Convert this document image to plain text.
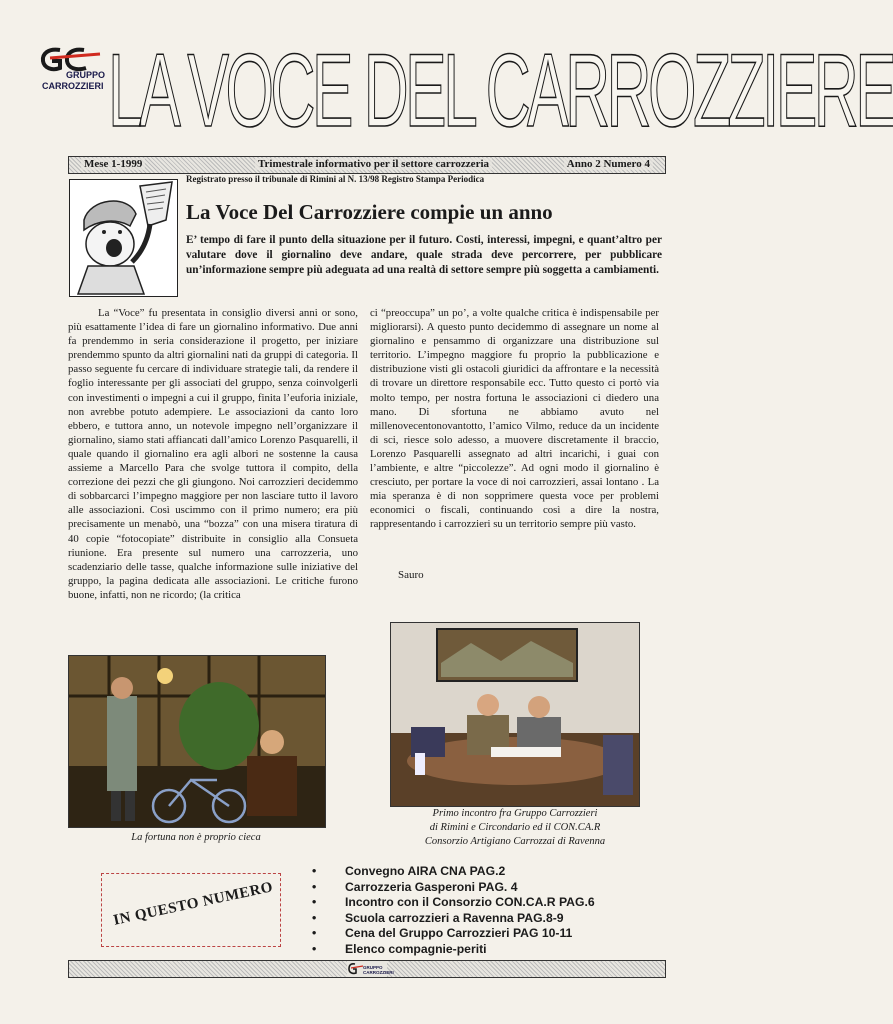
GRUPPO
CARROZZIERI LA VOCE DEL CARROZZIERE
Mese 1-1999	Trimestrale informativo per il settore carrozzeria	Anno 2 Numero 4
Registrato presso il tribunale di Rimini al N. 13/98 Registro Stampa Periodica
La Voce Del Carrozziere compie un anno

E’ tempo di fare il punto della situazione per il futuro. Costi, interessi, impegni, e quant’altro per valutare dove il giornalino deve andare, quale strada deve percorrere, per pubblicare un’informazione sempre più adeguata ad una realtà di settore sempre più soggetta a cambiamenti.

La “Voce” fu presentata in consiglio diversi anni or sono, più esattamente l’idea di fare un giornalino informativo. Due anni fa prendemmo in seria considerazione il progetto, per iniziare prendemmo spunto da altri giornalini nati da gruppi di categoria. Il passo seguente fu cercare di individuare strategie tali, da rendere il foglio interessante per gli associati del gruppo, senza coinvolgerli con investimenti o impegni a cui il gruppo, finita l’euforia iniziale, non avrebbe potuto adempiere. Le associazioni da canto loro ebbero, e tuttora anno, un notevole impegno nell’organizzare il giornalino, siamo stati affiancati dall’amico Lorenzo Pasquarelli, il quale quando il giornalino era agli albori ne sostenne la causa assieme a Marcello Para che svolge tuttora il compito, della correzione dei pezzi che gli giungono. Noi carrozzieri decidemmo di sobbarcarci l’impegno maggiore per non lasciare tutto il lavoro alle associazioni. Così uscimmo con il primo numero; era più precisamente un menabò, una “bozza” con una misera tiratura di 40 copie “fotocopiate” distribuite in consiglio alla Consueta riunione. Era presente sul numero una carrozzeria, uno scadenziario delle tasse, qualche informazione sulle iniziative del gruppo, la pagina dedicata alle associazioni. Le critiche furono buone, infatti, non ne ricordo; (la critica

ci “preoccupa” un po’, a volte qualche critica è indispensabile per migliorarsi). A questo punto decidemmo di assegnare un nome al giornalino e pensammo di organizzare una distribuzione sul territorio. L’impegno maggiore fu proprio la pubblicazione e distribuzione visti gli ostacoli giuridici da affrontare e la necessità di trovare un direttore responsabile ecc. Tutto questo ci portò via molto tempo, per nostra fortuna le associazioni ci diedero una mano. Di sfortuna ne abbiamo avuto nel millenovecentonovantotto, l’amico Vilmo, reduce da un incidente di sci, riesce solo adesso, a muovere discretamente il braccio, Lorenzo Pasquarelli assegnato ad altri incarichi, i guai con l’ambiente, e altre “piccolezze”. Ad ogni modo il giornalino è cresciuto, per portare la voce di noi carrozzieri, assai lontano . La mia speranza è di non sopprimere questa voce per problemi economici o fiscali, continuando così a dire la nostra, rappresentando i carrozzieri su un territorio sempre più vasto.

Sauro
La fortuna non è proprio cieca
Primo incontro fra Gruppo Carrozzieri
di Rimini e Circondario ed il CON.CA.R
Consorzio Artigiano Carrozzai di Ravenna
IN QUESTO NUMERO
• Convegno AIRA CNA PAG.2
• Carrozzeria Gasperoni PAG. 4
• Incontro con il Consorzio CON.CA.R PAG.6
• Scuola carrozzieri a Ravenna PAG.8-9
• Cena del Gruppo Carrozzieri PAG 10-11
• Elenco compagnie-periti
GRUPPO
CARROZZIERI
